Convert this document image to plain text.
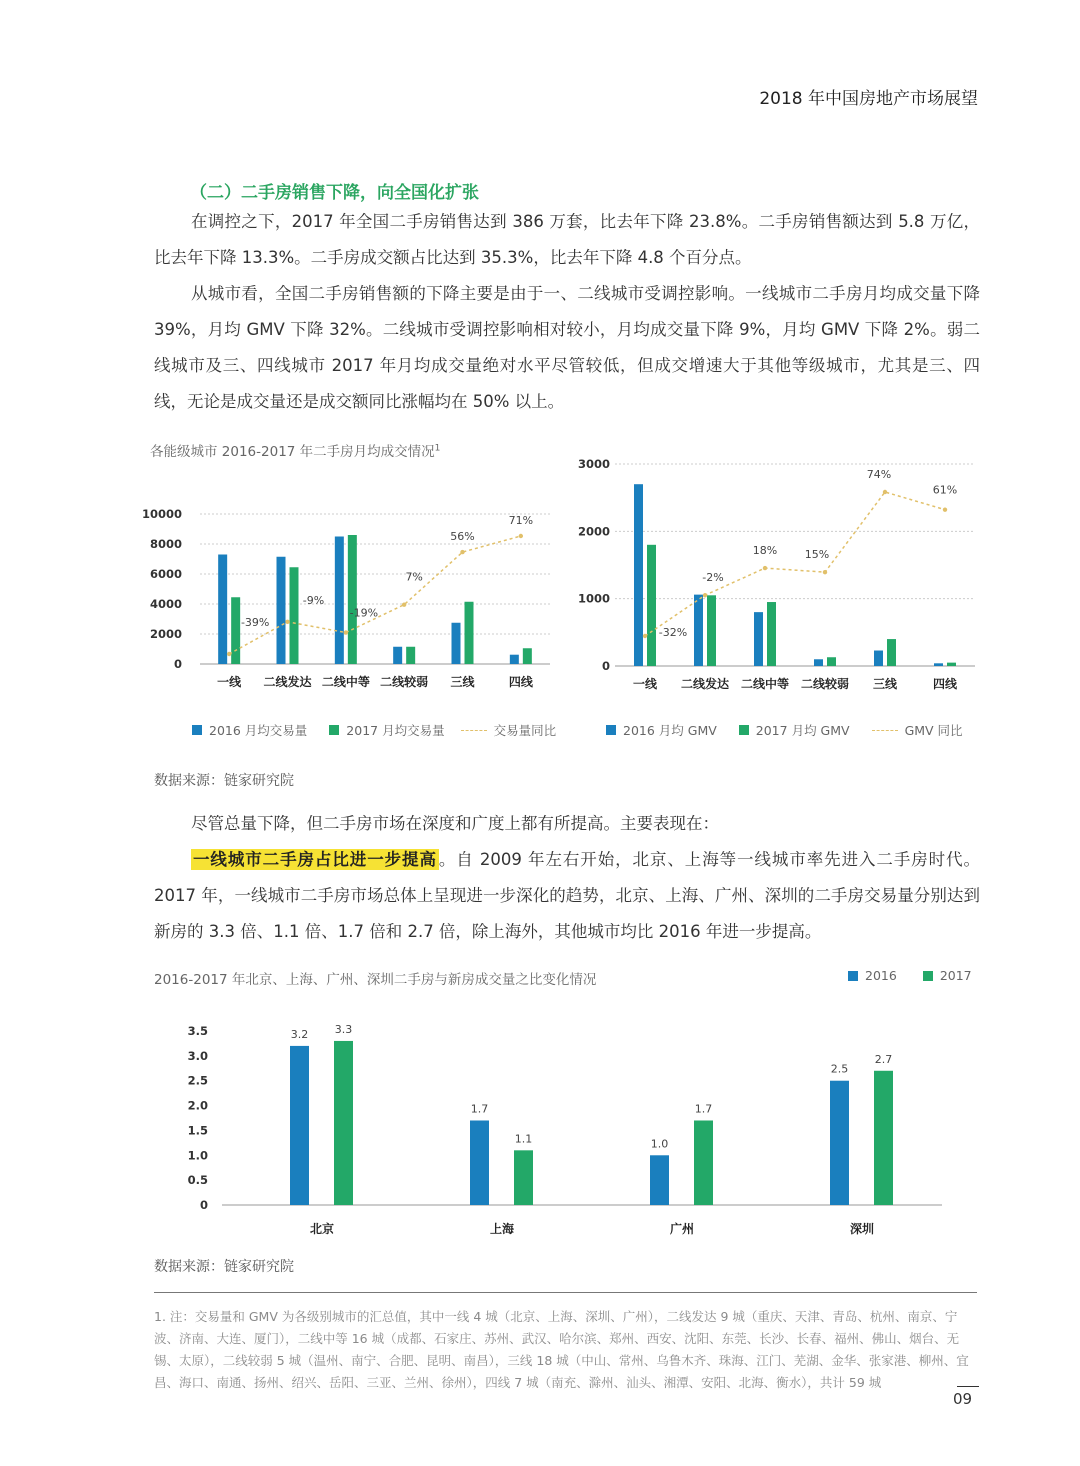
2018 年中国房地产市场展望
（二）二手房销售下降，向全国化扩张

在调控之下，2017 年全国二手房销售达到 386 万套，比去年下降 23.8%。二手房销售额达到 5.8 万亿，比去年下降 13.3%。二手房成交额占比达到 35.3%，比去年下降 4.8 个百分点。

从城市看，全国二手房销售额的下降主要是由于一、二线城市受调控影响。一线城市二手房月均成交量下降 39%，月均 GMV 下降 32%。二线城市受调控影响相对较小，月均成交量下降 9%，月均 GMV 下降 2%。弱二线城市及三、四线城市 2017 年月均成交量绝对水平尽管较低，但成交增速大于其他等级城市，尤其是三、四线，无论是成交量还是成交额同比涨幅均在 50% 以上。

各能级城市 2016-2017 年二手房月均成交情况$^1$
0
2000
4000
6000
8000
10000
一线 二线发达 二线中等 二线较弱 三线	四线
-39%
-9%
-19%
7%
56%
71%
2016 月均交易量	2017 月均交易量	交易量同比
0
1000
2000
3000
一线 二线发达 二线中等 二线较弱 三线	四线
-32%
-2%
18%	15%
74%
61%
2016 月均 GMV	2017 月均 GMV	GMV 同比
数据来源：链家研究院

尽管总量下降，但二手房市场在深度和广度上都有所提高。主要表现在：

一线城市二手房占比进一步提高 。自 2009 年左右开始，北京、上海等一线城市率先进入二手房时代。2017 年，一线城市二手房市场总体上呈现进一步深化的趋势，北京、上海、广州、深圳的二手房交易量分别达到新房的 3.3 倍、1.1 倍、1.7 倍和 2.7 倍，除上海外，其他城市均比 2016 年进一步提高。

2016-2017 年北京、上海、广州、深圳二手房与新房成交量之比变化情况	2016	2017
0
0.5
1.0
1.5
2.0
2.5
3.0
3.5	3.2 3.3
北京
1.7
1.1
上海
1.0
1.7
广州
2.5
2.7
深圳
数据来源：链家研究院

1. 注：交易量和 GMV 为各级别城市的汇总值，其中一线 4 城（北京、上海、深圳、广州），二线发达 9 城（重庆、天津、青岛、杭州、南京、宁波、济南、大连、厦门），二线中等 16 城（成都、石家庄、苏州、武汉、哈尔滨、郑州、西安、沈阳、东莞、长沙、长春、福州、佛山、烟台、无锡、太原），二线较弱 5 城（温州、南宁、合肥、昆明、南昌），三线 18 城（中山、常州、乌鲁木齐、珠海、江门、芜湖、金华、张家港、柳州、宜昌、海口、南通、扬州、绍兴、岳阳、三亚、兰州、徐州），四线 7 城（南充、滁州、汕头、湘潭、安阳、北海、衡水），共计 59 城

09
